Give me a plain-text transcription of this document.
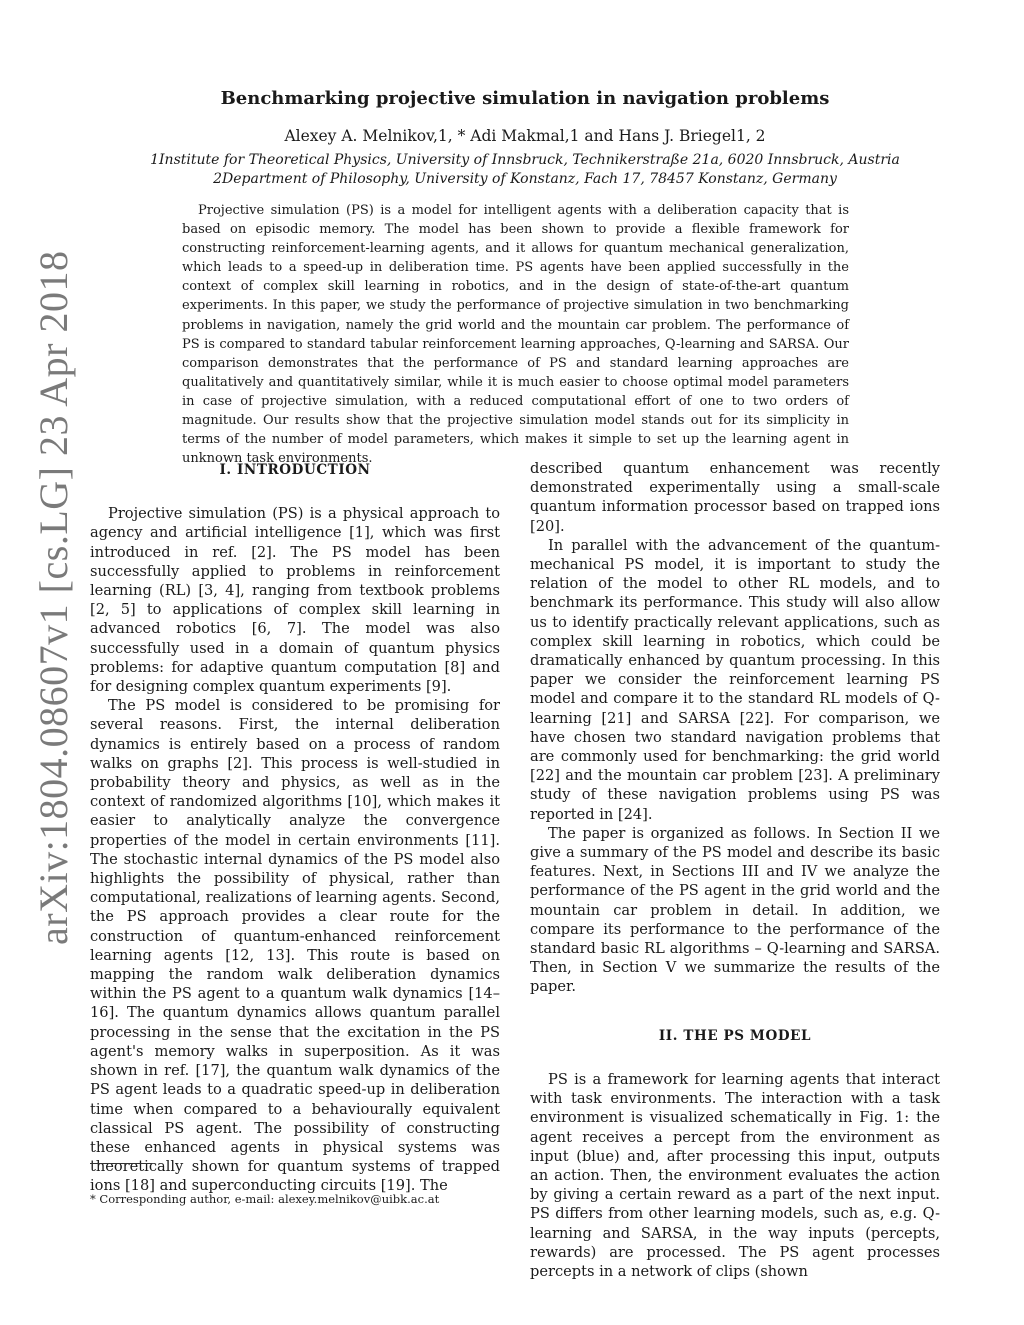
arXiv:1804.08607v1 [cs.LG] 23 Apr 2018
Benchmarking projective simulation in navigation problems
Alexey A. Melnikov,1, * Adi Makmal,1 and Hans J. Briegel1, 2
1Institute for Theoretical Physics, University of Innsbruck, Technikerstraße 21a, 6020 Innsbruck, Austria
2Department of Philosophy, University of Konstanz, Fach 17, 78457 Konstanz, Germany
Projective simulation (PS) is a model for intelligent agents with a deliberation capacity that is based on episodic memory. The model has been shown to provide a flexible framework for constructing reinforcement-learning agents, and it allows for quantum mechanical generalization, which leads to a speed-up in deliberation time. PS agents have been applied successfully in the context of complex skill learning in robotics, and in the design of state-of-the-art quantum experiments. In this paper, we study the performance of projective simulation in two benchmarking problems in navigation, namely the grid world and the mountain car problem. The performance of PS is compared to standard tabular reinforcement learning approaches, Q-learning and SARSA. Our comparison demonstrates that the performance of PS and standard learning approaches are qualitatively and quantitatively similar, while it is much easier to choose optimal model parameters in case of projective simulation, with a reduced computational effort of one to two orders of magnitude. Our results show that the projective simulation model stands out for its simplicity in terms of the number of model parameters, which makes it simple to set up the learning agent in unknown task environments.
I. INTRODUCTION

Projective simulation (PS) is a physical approach to agency and artificial intelligence [1], which was first introduced in ref. [2]. The PS model has been successfully applied to problems in reinforcement learning (RL) [3, 4], ranging from textbook problems [2, 5] to applications of complex skill learning in advanced robotics [6, 7]. The model was also successfully used in a domain of quantum physics problems: for adaptive quantum computation [8] and for designing complex quantum experiments [9].

The PS model is considered to be promising for several reasons. First, the internal deliberation dynamics is entirely based on a process of random walks on graphs [2]. This process is well-studied in probability theory and physics, as well as in the context of randomized algorithms [10], which makes it easier to analytically analyze the convergence properties of the model in certain environments [11]. The stochastic internal dynamics of the PS model also highlights the possibility of physical, rather than computational, realizations of learning agents. Second, the PS approach provides a clear route for the construction of quantum-enhanced reinforcement learning agents [12, 13]. This route is based on mapping the random walk deliberation dynamics within the PS agent to a quantum walk dynamics [14–16]. The quantum dynamics allows quantum parallel processing in the sense that the excitation in the PS agent's memory walks in superposition. As it was shown in ref. [17], the quantum walk dynamics of the PS agent leads to a quadratic speed-up in deliberation time when compared to a behaviourally equivalent classical PS agent. The possibility of constructing these enhanced agents in physical systems was theoretically shown for quantum systems of trapped ions [18] and superconducting circuits [19]. The

described quantum enhancement was recently demonstrated experimentally using a small-scale quantum information processor based on trapped ions [20].

In parallel with the advancement of the quantum-mechanical PS model, it is important to study the relation of the model to other RL models, and to benchmark its performance. This study will also allow us to identify practically relevant applications, such as complex skill learning in robotics, which could be dramatically enhanced by quantum processing. In this paper we consider the reinforcement learning PS model and compare it to the standard RL models of Q-learning [21] and SARSA [22]. For comparison, we have chosen two standard navigation problems that are commonly used for benchmarking: the grid world [22] and the mountain car problem [23]. A preliminary study of these navigation problems using PS was reported in [24].

The paper is organized as follows. In Section II we give a summary of the PS model and describe its basic features. Next, in Sections III and IV we analyze the performance of the PS agent in the grid world and the mountain car problem in detail. In addition, we compare its performance to the performance of the standard basic RL algorithms – Q-learning and SARSA. Then, in Section V we summarize the results of the paper.

II. THE PS MODEL

PS is a framework for learning agents that interact with task environments. The interaction with a task environment is visualized schematically in Fig. 1: the agent receives a percept from the environment as input (blue) and, after processing this input, outputs an action. Then, the environment evaluates the action by giving a certain reward as a part of the next input. PS differs from other learning models, such as, e.g. Q-learning and SARSA, in the way inputs (percepts, rewards) are processed. The PS agent processes percepts in a network of clips (shown

* Corresponding author, e-mail: alexey.melnikov@uibk.ac.at
